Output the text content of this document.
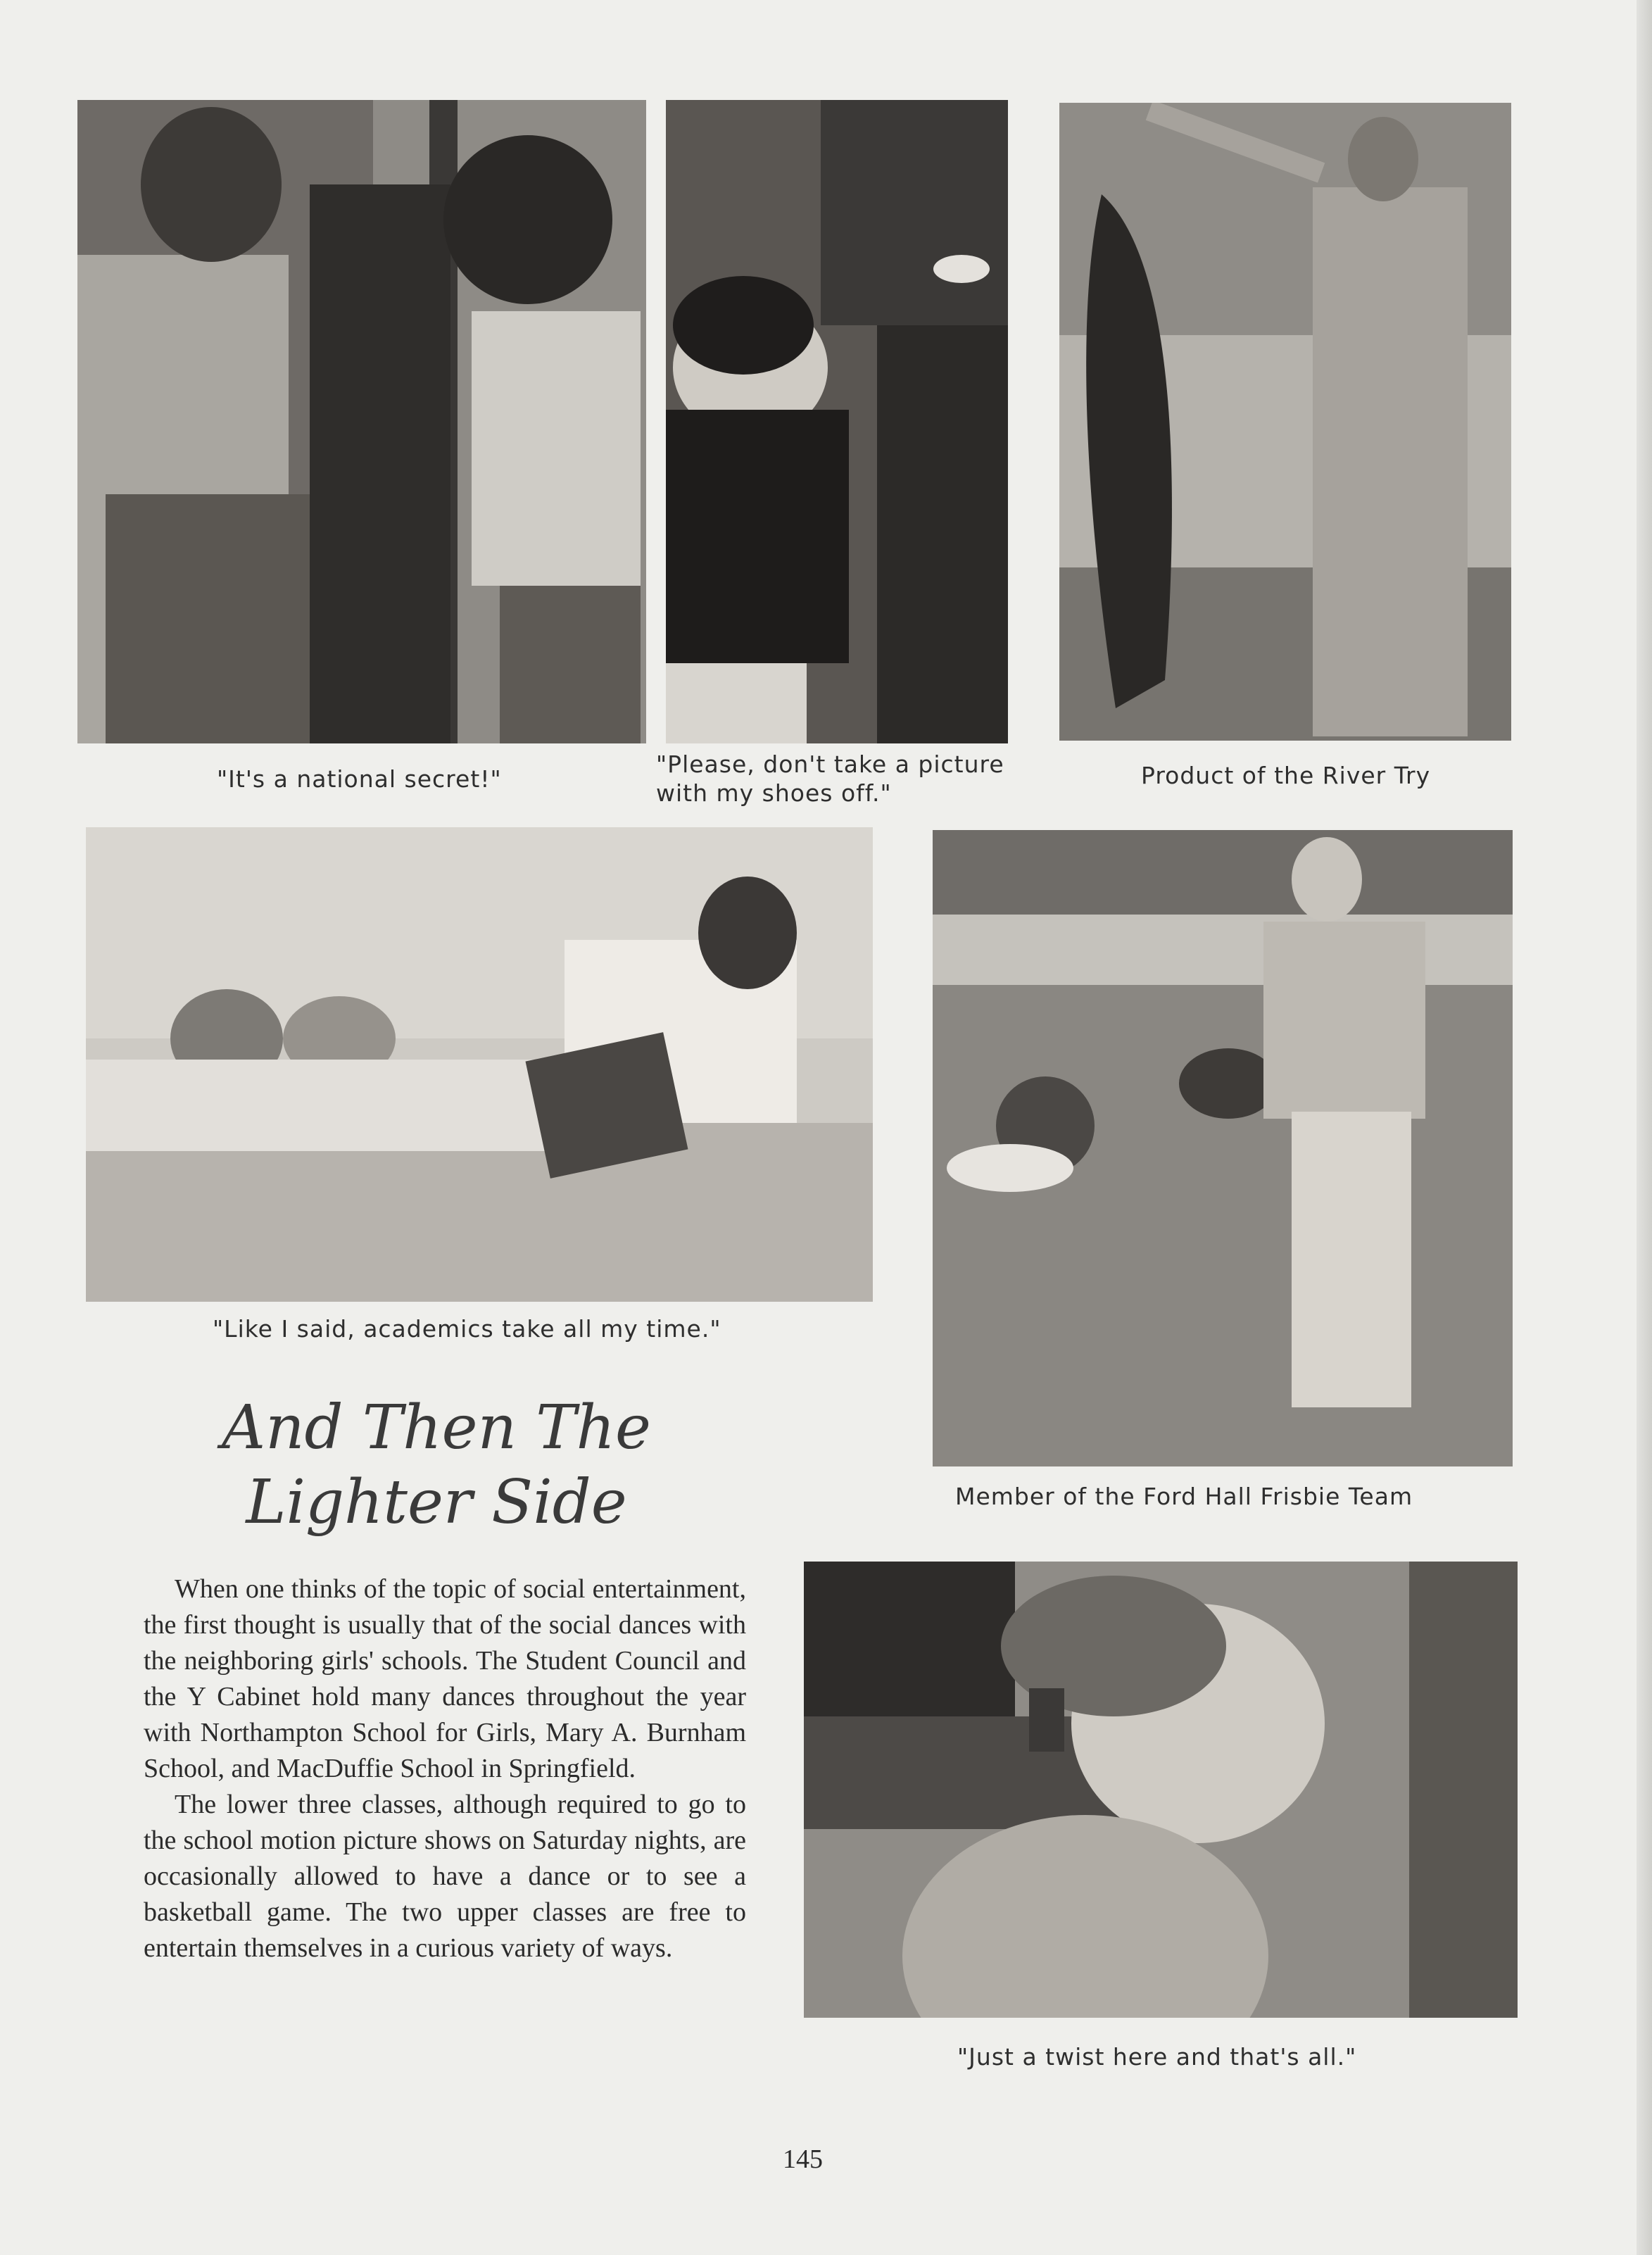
"It's a national secret!"
"Please, don't take a picture
with my shoes off."
Product of the River Try
"Like I said, academics take all my time."
Member of the Ford Hall Frisbie Team
"Just a twist here and that's all."
And Then The
Lighter Side

When one thinks of the topic of social entertainment, the first thought is usually that of the social dances with the neighboring girls' schools. The Student Council and the Y Cabinet hold many dances throughout the year with Northampton School for Girls, Mary A. Burnham School, and MacDuffie School in Springfield.

The lower three classes, although required to go to the school motion picture shows on Saturday nights, are occasionally allowed to have a dance or to see a basketball game. The two upper classes are free to entertain themselves in a curious variety of ways.

145
